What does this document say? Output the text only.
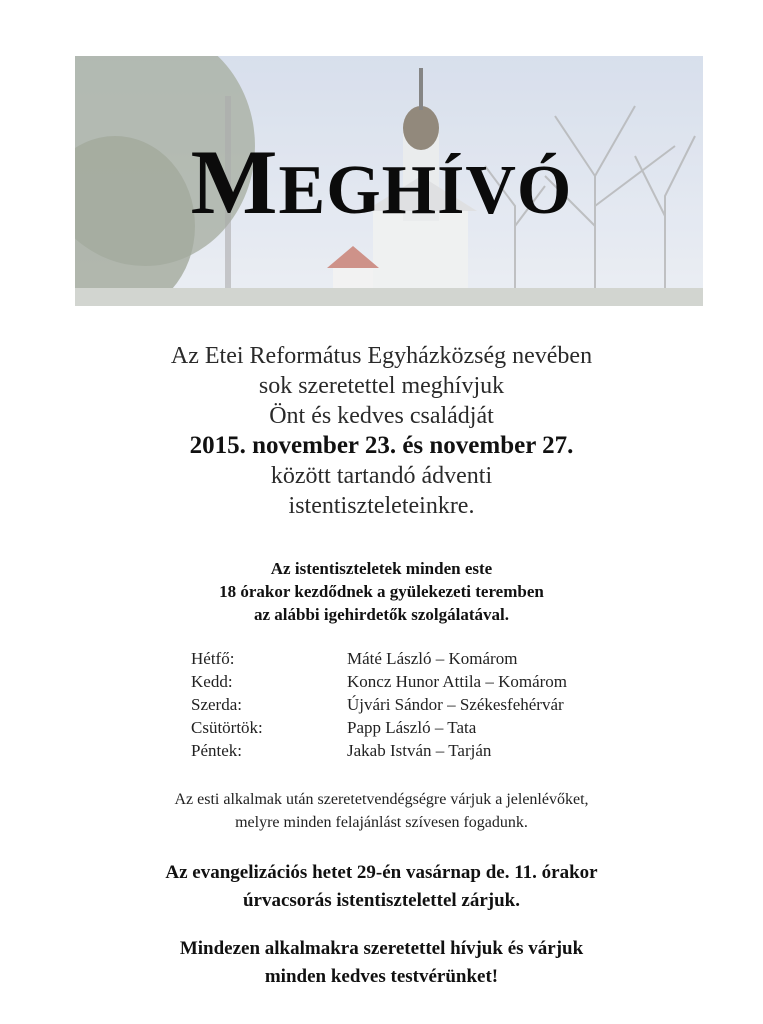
MEGHÍVÓ
Az Etei Református Egyházközség nevében
sok szeretettel meghívjuk
Önt és kedves családját
2015. november 23. és november 27.
között tartandó ádventi
istentiszteleteinkre.
Az istentiszteletek minden este
18 órakor kezdődnek a gyülekezeti teremben
az alábbi igehirdetők szolgálatával.
Hétfő:	Máté László – Komárom
Kedd:	Koncz Hunor Attila – Komárom
Szerda:	Újvári Sándor – Székesfehérvár
Csütörtök:	Papp László – Tata
Péntek:	Jakab István – Tarján
Az esti alkalmak után szeretetvendégségre várjuk a jelenlévőket,
melyre minden felajánlást szívesen fogadunk.
Az evangelizációs hetet 29-én vasárnap de. 11. órakor
úrvacsorás istentisztelettel zárjuk.
Mindezen alkalmakra szeretettel hívjuk és várjuk
minden kedves testvérünket!
